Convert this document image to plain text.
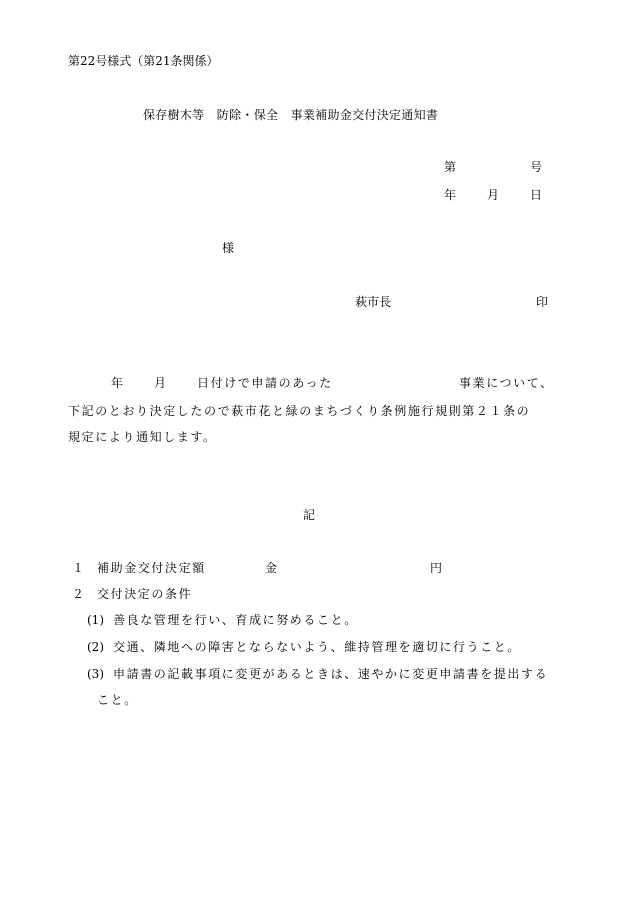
第22号様式（第21条関係）
保存樹木等　防除・保全　事業補助金交付決定通知書
第	号
年	月	日
様
萩市長	印
年	月	日付けで申請のあった	事業について、
下記のとおり決定したので萩市花と緑のまちづくり条例施行規則第２１条の
規定により通知します。
記
１ 補助金交付決定額	金	円
２ 交付決定の条件
(1) 善良な管理を行い、育成に努めること。
(2) 交通、隣地への障害とならないよう、維持管理を適切に行うこと。
(3) 申請書の記載事項に変更があるときは、速やかに変更申請書を提出する
こと。
